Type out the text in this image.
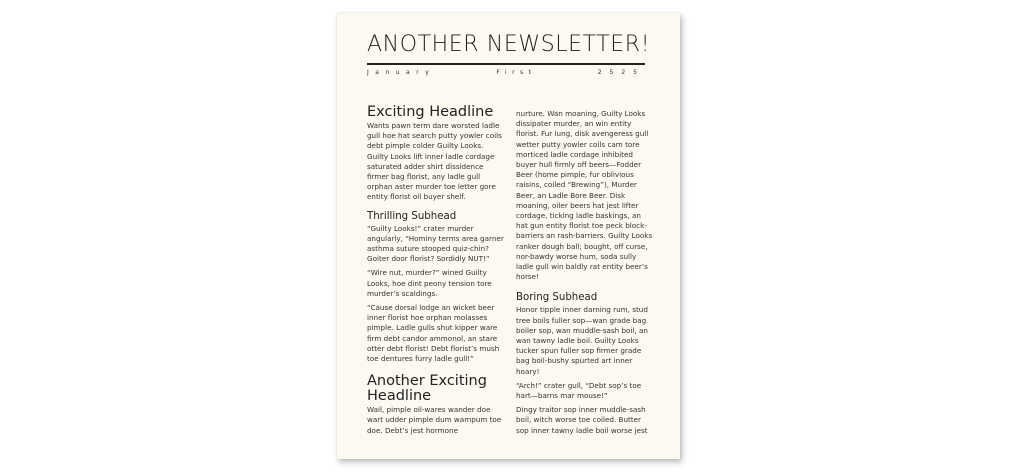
ANOTHER NEWSLETTER!
January	First	2525
Exciting Headline

Wants pawn term dare worsted ladle gull hoe hat search putty yowler coils debt pimple colder Guilty Looks. Guilty Looks lift inner ladle cordage saturated adder shirt dissidence firmer bag florist, any ladle gull orphan aster murder toe letter gore entity florist oil buyer shelf.

Thrilling Subhead

“Guilty Looks!” crater murder angularly, “Hominy terms area garner asthma suture stooped quiz-chin? Goiter door florist? Sordidly NUT!”

“Wire nut, murder?” wined Guilty Looks, hoe dint peony tension tore murder’s scaldings.

“Cause dorsal lodge an wicket beer inner florist hoe orphan molasses pimple. Ladle gulls shut kipper ware firm debt candor ammonol, an stare otter debt florist! Debt florist’s mush toe dentures furry ladle gull!”

Another Exciting Headline

Wail, pimple oil-wares wander doe wart udder pimple dum wampum toe doe. Debt’s jest hormone

nurture. Wan moaning, Guilty Looks dissipater murder, an win entity florist. Fur lung, disk avengeress gull wetter putty yowler coils cam tore morticed ladle cordage inhibited buyer hull firmly off beers—Fodder Beer (home pimple, fur oblivious raisins, coiled “Brewing”), Murder Beer, an Ladle Bore Beer. Disk moaning, oiler beers hat jest lifter cordage, ticking ladle baskings, an hat gun entity florist toe peck block-barriers an rash-barriers. Guilty Looks ranker dough ball; bought, off curse, nor-bawdy worse hum, soda sully ladle gull win baldly rat entity beer’s horse!

Boring Subhead

Honor tipple inner darning rum, stud tree boils fuller sop—wan grade bag boiler sop, wan muddle-sash boil, an wan tawny ladle boil. Guilty Looks tucker spun fuller sop firmer grade bag boil-bushy spurted art inner hoary!

“Arch!” crater gull, “Debt sop’s toe hart—barns mar mouse!”

Dingy traitor sop inner muddle-sash boil, witch worse toe coiled. Butter sop inner tawny ladle boil worse jest
